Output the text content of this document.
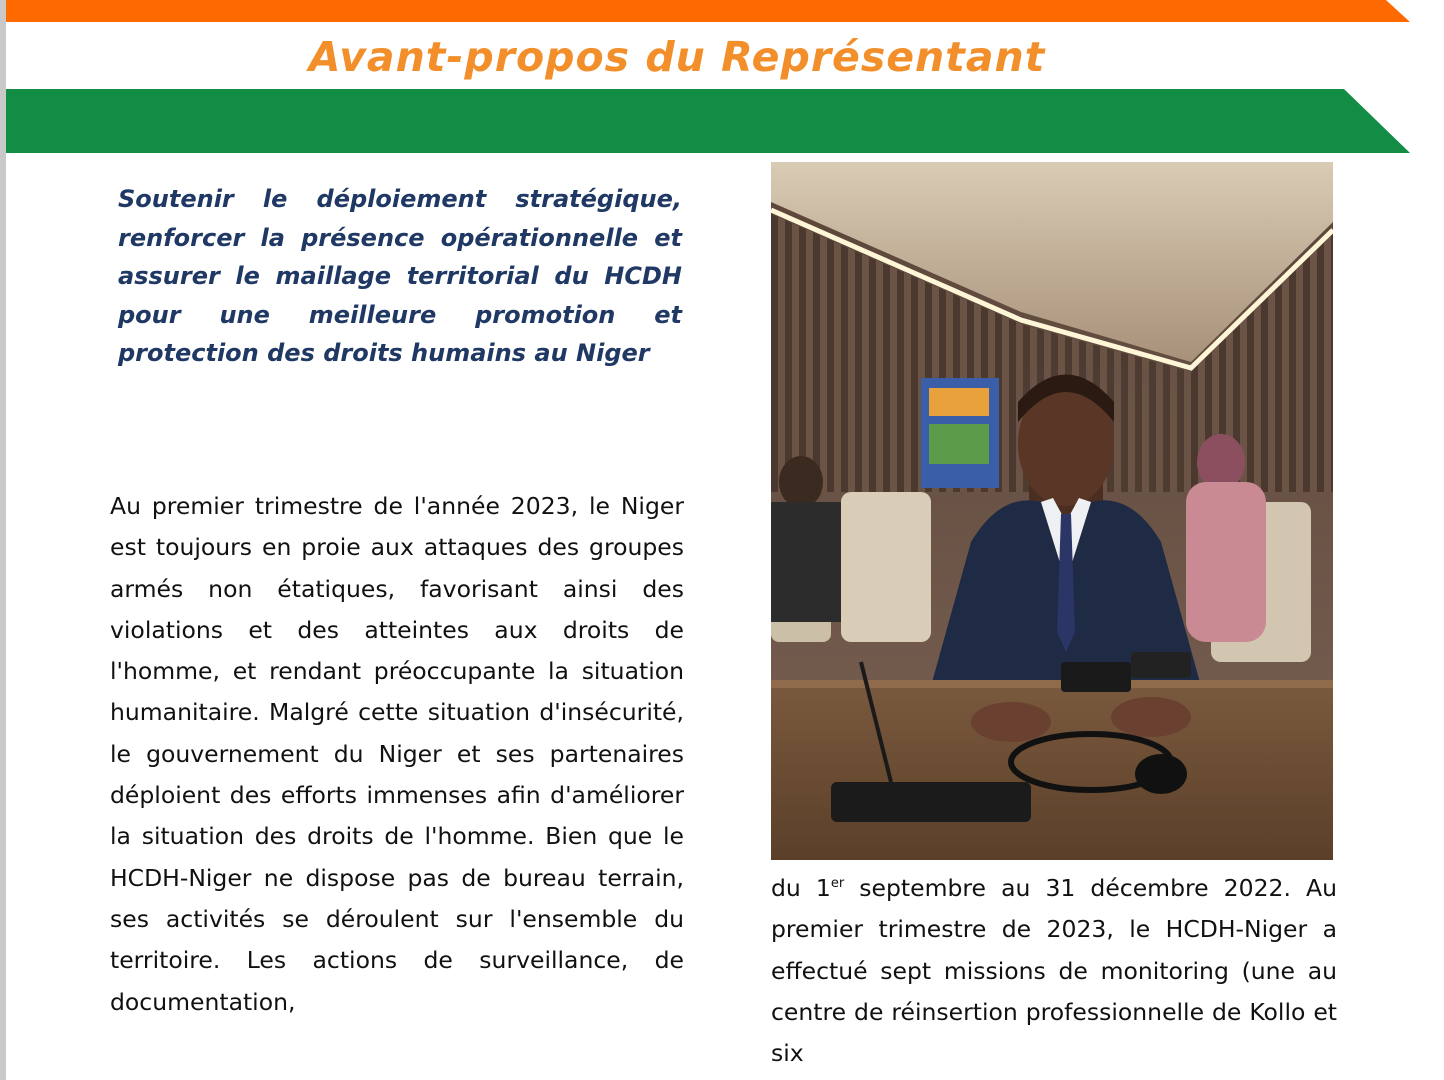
Avant-propos du Représentant

Soutenir le déploiement stratégique, renforcer la présence opérationnelle et assurer le maillage territorial du HCDH pour une meilleure promotion et protection des droits humains au Niger

Au premier trimestre de l'année 2023, le Niger est toujours en proie aux attaques des groupes armés non étatiques, favorisant ainsi des violations et des atteintes aux droits de l'homme, et rendant préoccupante la situation humanitaire. Malgré cette situation d'insécurité, le gouvernement du Niger et ses partenaires déploient des efforts immenses afin d'améliorer la situation des droits de l'homme. Bien que le HCDH-Niger ne dispose pas de bureau terrain, ses activités se déroulent sur l'ensemble du territoire. Les actions de surveillance, de documentation,

du 1er septembre au 31 décembre 2022. Au premier trimestre de 2023, le HCDH-Niger a effectué sept missions de monitoring (une au centre de réinsertion professionnelle de Kollo et six
